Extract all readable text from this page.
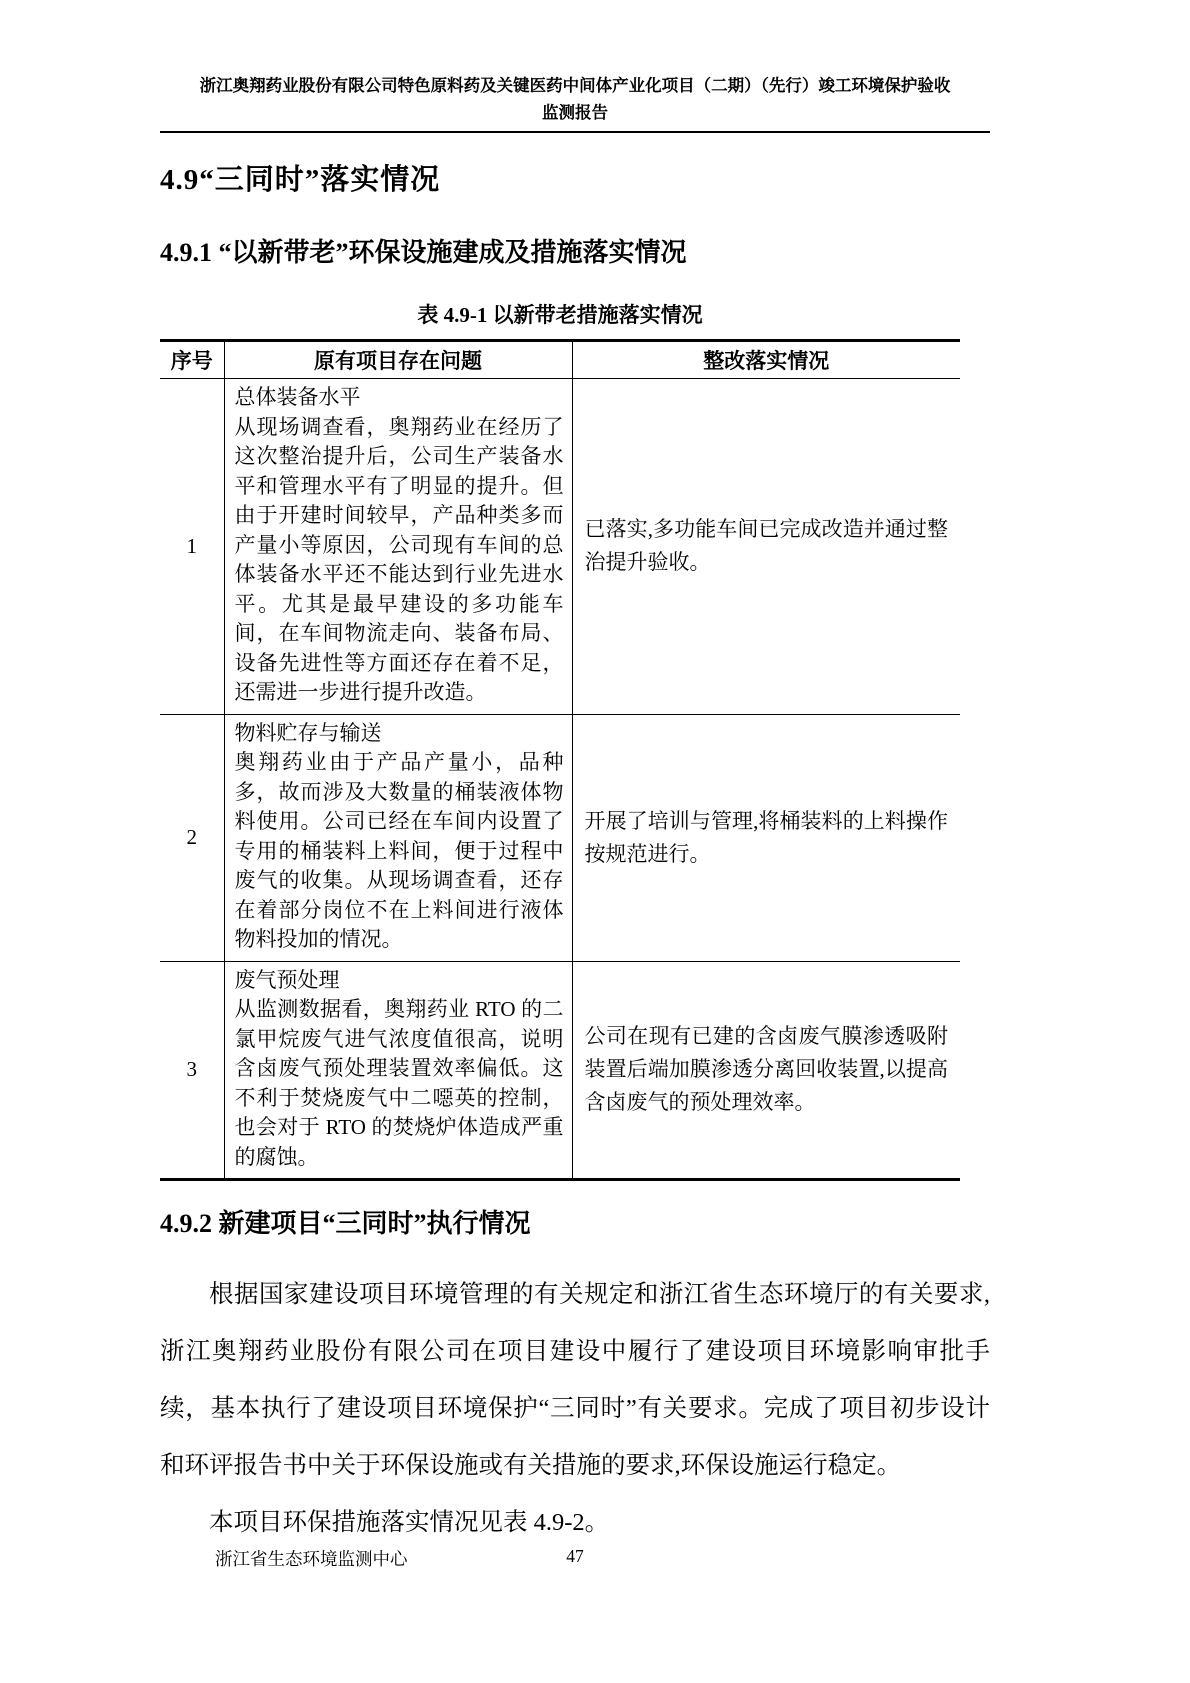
浙江奥翔药业股份有限公司特色原料药及关键医药中间体产业化项目（二期）（先行）竣工环境保护验收
监测报告
4.9“三同时”落实情况
4.9.1 “以新带老”环保设施建成及措施落实情况
表 4.9-1 以新带老措施落实情况
序号	原有项目存在问题	整改落实情况
1	总体装备水平
从现场调查看，奥翔药业在经历了这次整治提升后，公司生产装备水平和管理水平有了明显的提升。但由于开建时间较早，产品种类多而产量小等原因，公司现有车间的总体装备水平还不能达到行业先进水平。尤其是最早建设的多功能车间，在车间物流走向、装备布局、设备先进性等方面还存在着不足，还需进一步进行提升改造。	已落实,多功能车间已完成改造并通过整治提升验收。
2	物料贮存与输送
奥翔药业由于产品产量小，品种多，故而涉及大数量的桶装液体物料使用。公司已经在车间内设置了专用的桶装料上料间，便于过程中废气的收集。从现场调查看，还存在着部分岗位不在上料间进行液体物料投加的情况。	开展了培训与管理,将桶装料的上料操作按规范进行。
3	废气预处理
从监测数据看，奥翔药业 RTO 的二氯甲烷废气进气浓度值很高，说明含卤废气预处理装置效率偏低。这不利于焚烧废气中二噁英的控制，也会对于 RTO 的焚烧炉体造成严重的腐蚀。	公司在现有已建的含卤废气膜渗透吸附装置后端加膜渗透分离回收装置,以提高含卤废气的预处理效率。
4.9.2 新建项目“三同时”执行情况

根据国家建设项目环境管理的有关规定和浙江省生态环境厅的有关要求,浙江奥翔药业股份有限公司在项目建设中履行了建设项目环境影响审批手续，基本执行了建设项目环境保护“三同时”有关要求。完成了项目初步设计和环评报告书中关于环保设施或有关措施的要求,环保设施运行稳定。

本项目环保措施落实情况见表 4.9-2。

浙江省生态环境监测中心	47
